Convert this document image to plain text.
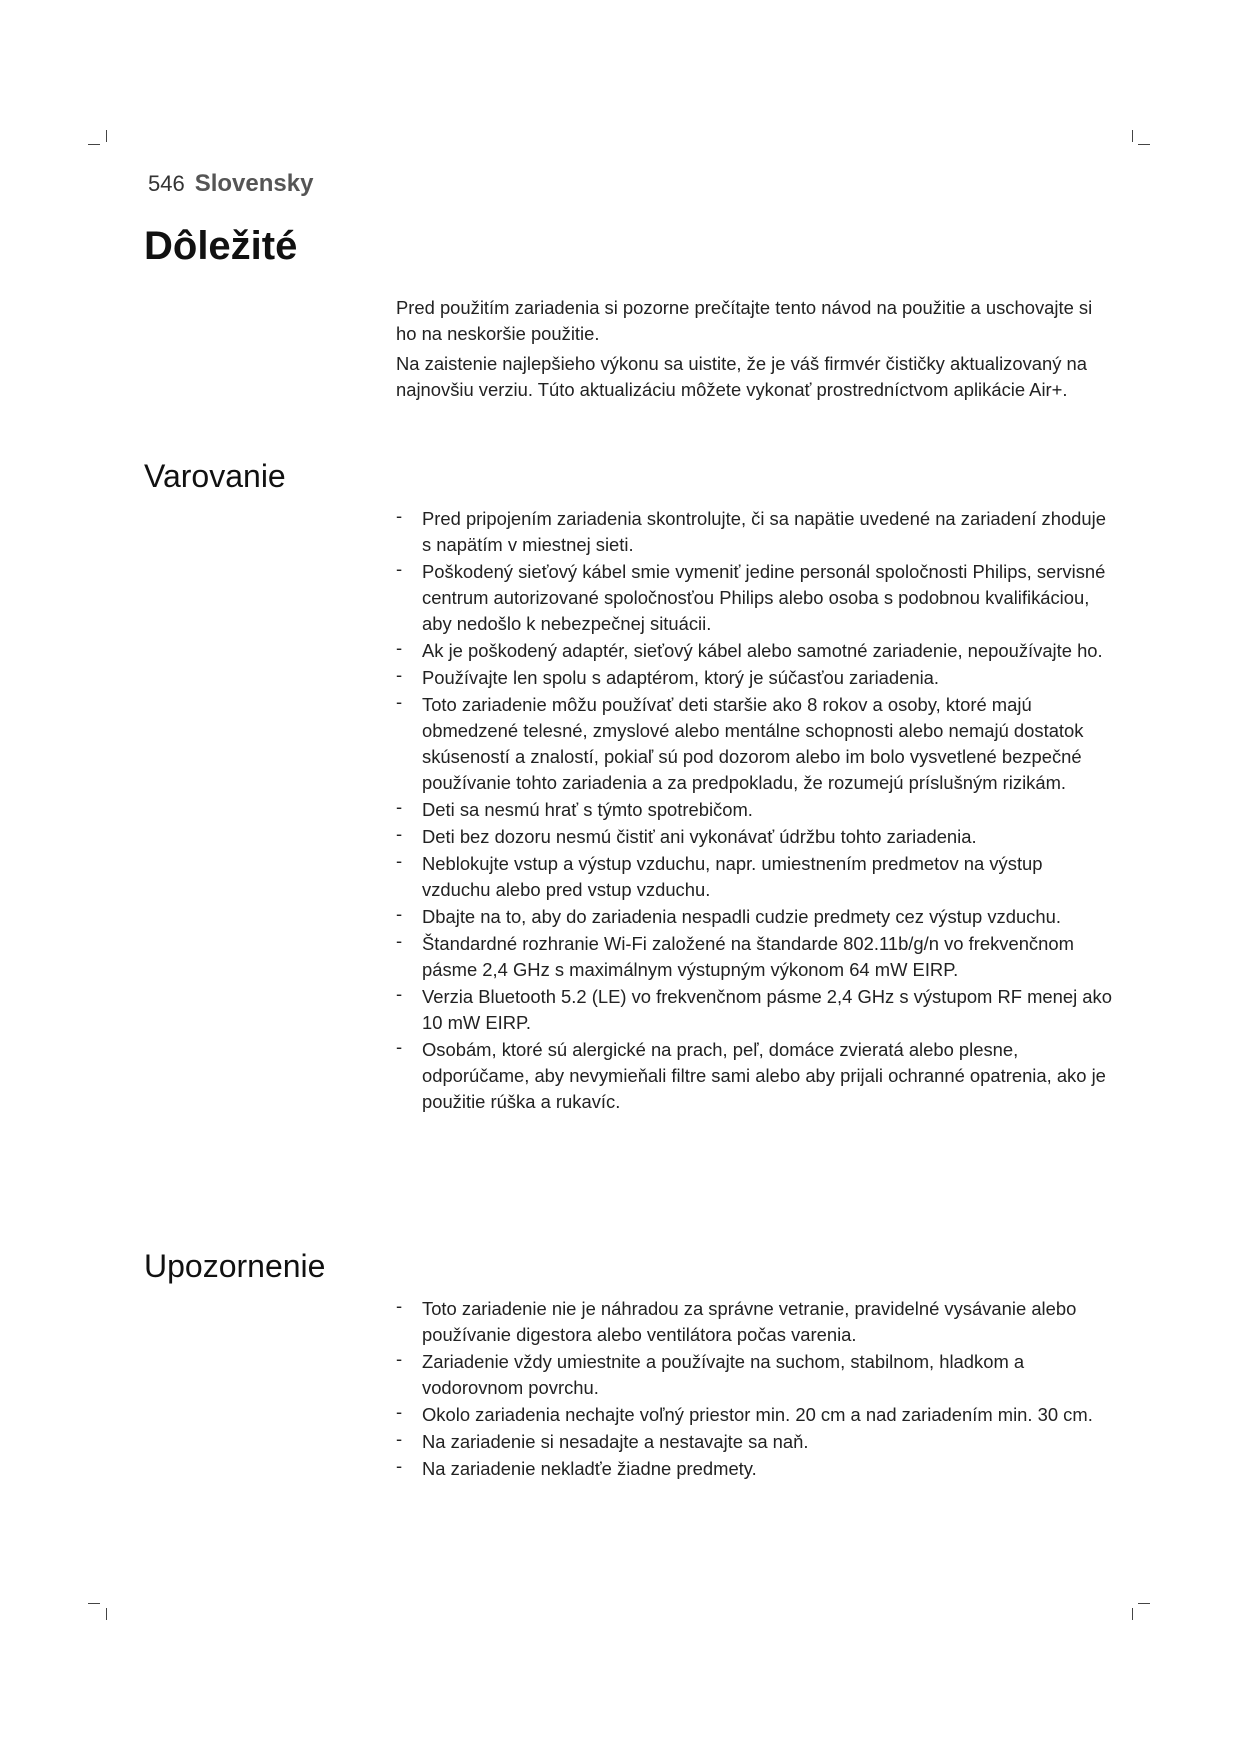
546 Slovensky
Dôležité

Pred použitím zariadenia si pozorne prečítajte tento návod na použitie a uschovajte si ho na neskoršie použitie.

Na zaistenie najlepšieho výkonu sa uistite, že je váš firmvér čističky aktualizovaný na najnovšiu verziu. Túto aktualizáciu môžete vykonať prostredníctvom aplikácie Air+.

Varovanie
- Pred pripojením zariadenia skontrolujte, či sa napätie uvedené na zariadení zhoduje s napätím v miestnej sieti.
- Poškodený sieťový kábel smie vymeniť jedine personál spoločnosti Philips, servisné centrum autorizované spoločnosťou Philips alebo osoba s podobnou kvalifikáciou, aby nedošlo k nebezpečnej situácii.
- Ak je poškodený adaptér, sieťový kábel alebo samotné zariadenie, nepoužívajte ho.
- Používajte len spolu s adaptérom, ktorý je súčasťou zariadenia.
- Toto zariadenie môžu používať deti staršie ako 8 rokov a osoby, ktoré majú obmedzené telesné, zmyslové alebo mentálne schopnosti alebo nemajú dostatok skúseností a znalostí, pokiaľ sú pod dozorom alebo im bolo vysvetlené bezpečné používanie tohto zariadenia a za predpokladu, že rozumejú príslušným rizikám.
- Deti sa nesmú hrať s týmto spotrebičom.
- Deti bez dozoru nesmú čistiť ani vykonávať údržbu tohto zariadenia.
- Neblokujte vstup a výstup vzduchu, napr. umiestnením predmetov na výstup vzduchu alebo pred vstup vzduchu.
- Dbajte na to, aby do zariadenia nespadli cudzie predmety cez výstup vzduchu.
- Štandardné rozhranie Wi-Fi založené na štandarde 802.11b/g/n vo frekvenčnom pásme 2,4 GHz s maximálnym výstupným výkonom 64 mW EIRP.
- Verzia Bluetooth 5.2 (LE) vo frekvenčnom pásme 2,4 GHz s výstupom RF menej ako 10 mW EIRP.
- Osobám, ktoré sú alergické na prach, peľ, domáce zvieratá alebo plesne, odporúčame, aby nevymieňali filtre sami alebo aby prijali ochranné opatrenia, ako je použitie rúška a rukavíc.
Upozornenie
- Toto zariadenie nie je náhradou za správne vetranie, pravidelné vysávanie alebo používanie digestora alebo ventilátora počas varenia.
- Zariadenie vždy umiestnite a používajte na suchom, stabilnom, hladkom a vodorovnom povrchu.
- Okolo zariadenia nechajte voľný priestor min. 20 cm a nad zariadením min. 30 cm.
- Na zariadenie si nesadajte a nestavajte sa naň.
- Na zariadenie nekladťe žiadne predmety.
